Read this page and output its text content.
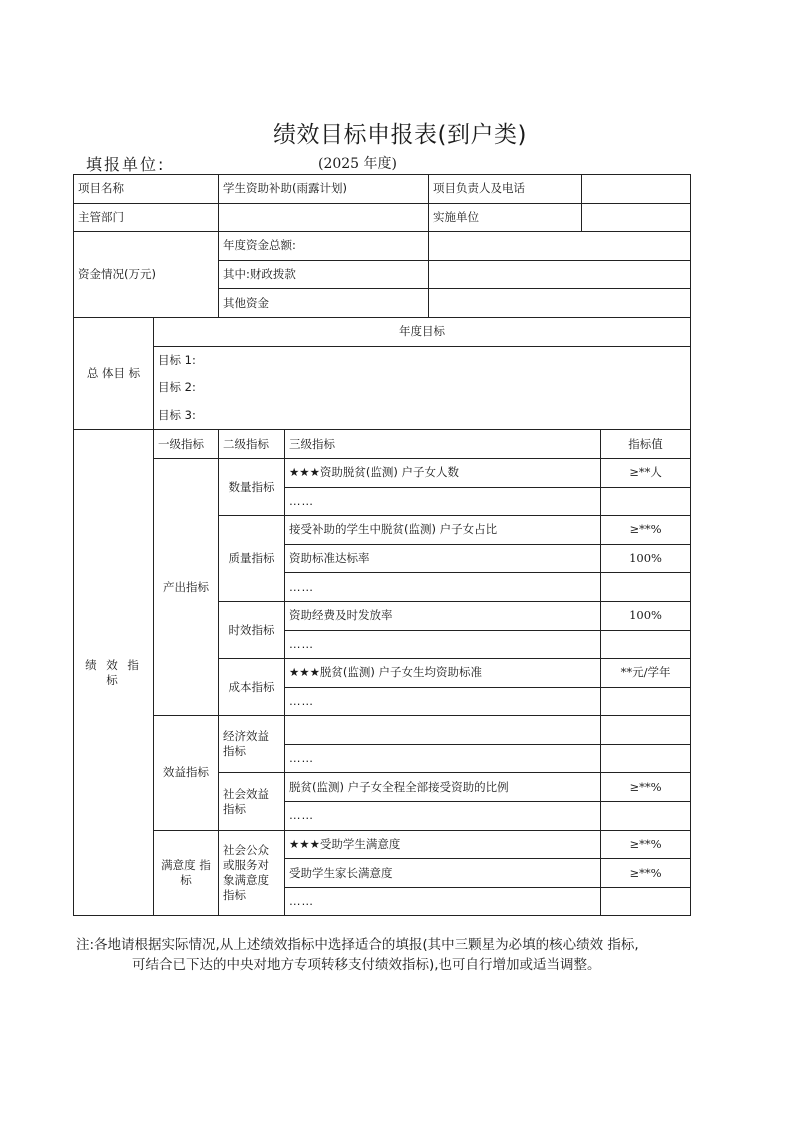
绩效目标申报表(到户类)
填报单位:	(2025 年度)
项目名称		学生资助补助(雨露计划)		项目负责人及电话		
主管部门				实施单位		
资金情况(万元)		年度资金总额:				
		其中:财政拨款				
		其他资金				
总 体目 标	年度目标					
	目标 1:					
	目标 2:					
	目标 3:					
绩 效 指 标	一级指标	二级指标	三级指标			指标值
	产出指标	数量指标	★★★资助脱贫(监测) 户子女人数			≥**人
			……			
		质量指标	接受补助的学生中脱贫(监测) 户子女占比			≥**%
			资助标准达标率			100%
			……			
		时效指标	资助经费及时发放率			100%
			……			
		成本指标	★★★脱贫(监测) 户子女生均资助标准			**元/学年
			……			
	效益指标	经济效益指标				
			……			
		社会效益指标	脱贫(监测) 户子女全程全部接受资助的比例			≥**%
			……			
	满意度 指标	社会公众或服务对象满意度指标	★★★受助学生满意度			≥**%
			受助学生家长满意度			≥**%
			……			
注:各地请根据实际情况,从上述绩效指标中选择适合的填报(其中三颗星为必填的核心绩效 指标,
可结合已下达的中央对地方专项转移支付绩效指标),也可自行增加或适当调整。
